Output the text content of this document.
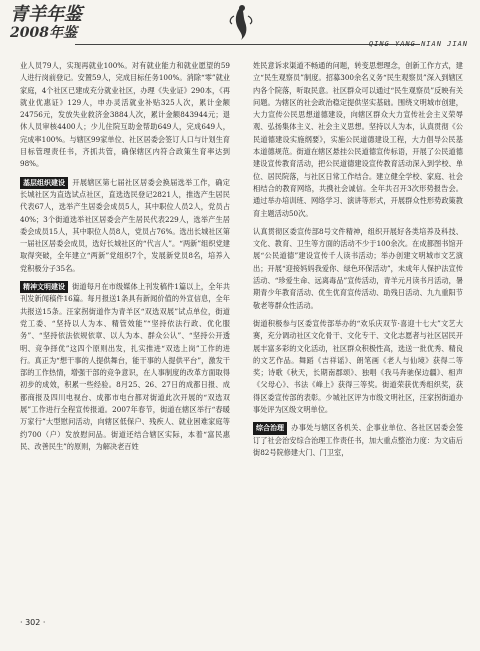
青羊年鉴
2008年鉴
QING YANG NIAN JIAN

业人员79人，实现再就业100%。对有就业能力和就业愿望的59人进行岗前登记。安置59人，完成目标任务100%。消除“零”就业家庭，4个社区已建成充分就业社区，办理《失业证》290本，《再就业优惠证》129人，申办灵活就业补贴325人次，累计金额24756元，发放失业救济金3884人次，累计金额843944元；退休人员审核4400人；少儿住院互助金帮助649人，完成649人，完成率100%。与辖区99家单位、社区居委会签订人口与计划生育目标管理责任书，齐抓共管，确保辖区内符合政策生育率达到98%。

基层组织建设 开展辖区第七届社区居委会换届选举工作，确定长城社区为直选试点社区，直选选民登记2821人，推选产生居民代表67人，选举产生居委会成员5人，其中职位人员2人，党员占40%；3个街道选举社区居委会产生居民代表229人，选举产生居委会成员15人，其中职位人员8人，党员占76%。选出长城社区第一届社区居委会成员，选好长城社区的“代言人”。“两新”组织党建取得突破，全年建立“两新”党组织7个，发展新党员8名，培养入党积极分子35名。

精神文明建设 街道每月在市级媒体上刊发稿件1篇以上，全年共刊发新闻稿件16篇。每月报送1条具有新闻价值的外宣信息，全年共报送15条。汪家拐街道作为青羊区“双选双展”试点单位，街道党工委、“坚持以人为本、精管效能”“坚持依法行政、优化服务”、“坚持依法依规依章、以人为本、群众公认”、“坚持公开透明、竞争择优”这四个原则出发，扎实推进“双选上岗”工作的进行。真正为“想干事的人提供舞台，能干事的人提供平台”，激发干部的工作热情，增强干部的竞争意识，在人事制度的改革方面取得初步的成效，积累一些经验。8月25、26、27日的成都日报、成都商报及四川电视台、成都市电台都对街道此次开展的“双选双展”工作进行全程宣传报道。2007年春节，街道在辖区举行“春暖万家行”大型慰问活动，向辖区低保户、残疾人、就业困难家庭等约700（户）发放慰问品。街道还结合辖区实际，本着“富民惠民、改善民生”的原则，为解决老百姓

姓民意诉求渠道不畅通的问题，转变思想理念，创新工作方式，建立“民生观察员”制度。招募300余名义务“民生观察员”深入到辖区内各个院落，听取民意。社区群众可以通过“民生观察员”反映有关问题。为辖区的社会政治稳定提供坚实基础。围绕文明城市创建，大力宣传公民思想道德建设，向辖区群众大力宣传社会主义荣辱观、弘扬集体主义、社会主义思想。坚持以人为本，认真贯彻《公民道德建设实施纲要》，实施公民道德建设工程，大力倡导公民基本道德规范。街道在辖区悬挂公民道德宣传标语，开展了公民道德建设宣传教育活动，把公民道德建设宣传教育活动深入到学校、单位、居民院落，与社区日常工作结合。建立健全学校、家庭、社会相结合的教育网络，共携社会诚信。全年共召开3次形势报告会。通过举办培训班、网络学习、演讲等形式，开展群众性形势政策教育主题活动50次。

认真贯彻区委宣传部8号文件精神，组织开展好各类培养及科技、文化、教育、卫生等方面的活动不少于100余次。在成都图书馆开展“公民道德”建设宣传千人读书活动；举办创建文明城市文艺演出；开展“迎接妈妈我爱你、绿色环保活动”，未成年人保护法宣传活动、“珍爱生命、远离毒品”宣传活动，青羊元月读书月活动，暑期青少年教育活动、优生优育宣传活动、助残日活动、九九重阳节敬老等群众性活动。

街道积极参与区委宣传部举办的“欢乐庆双节·喜迎十七大”文艺大赛，充分调动社区文化骨干、文化专干、文化志愿者与社区居民开展丰富多彩的文化活动，社区群众积极性高，选送一批优秀、精良的文艺作品。舞蹈《吉祥谣》、朗笔画《老人与仙境》获得二等奖；诗歌《秋天，长期南郡颂》、独唱《我马奔驰保边疆》、相声《父母心》、书法《峰上》获得三等奖。街道荣获优秀组织奖，获得区委宣传部的表彰。少城社区评为市级文明社区，汪家拐街道办事处评为区级文明单位。

综合治理 办事处与辖区各机关、企事业单位、各社区居委会签订了社会治安综合治理工作责任书，加大重点整治力度：为文庙后街82号院修建大门、门卫室，

· 302 ·
